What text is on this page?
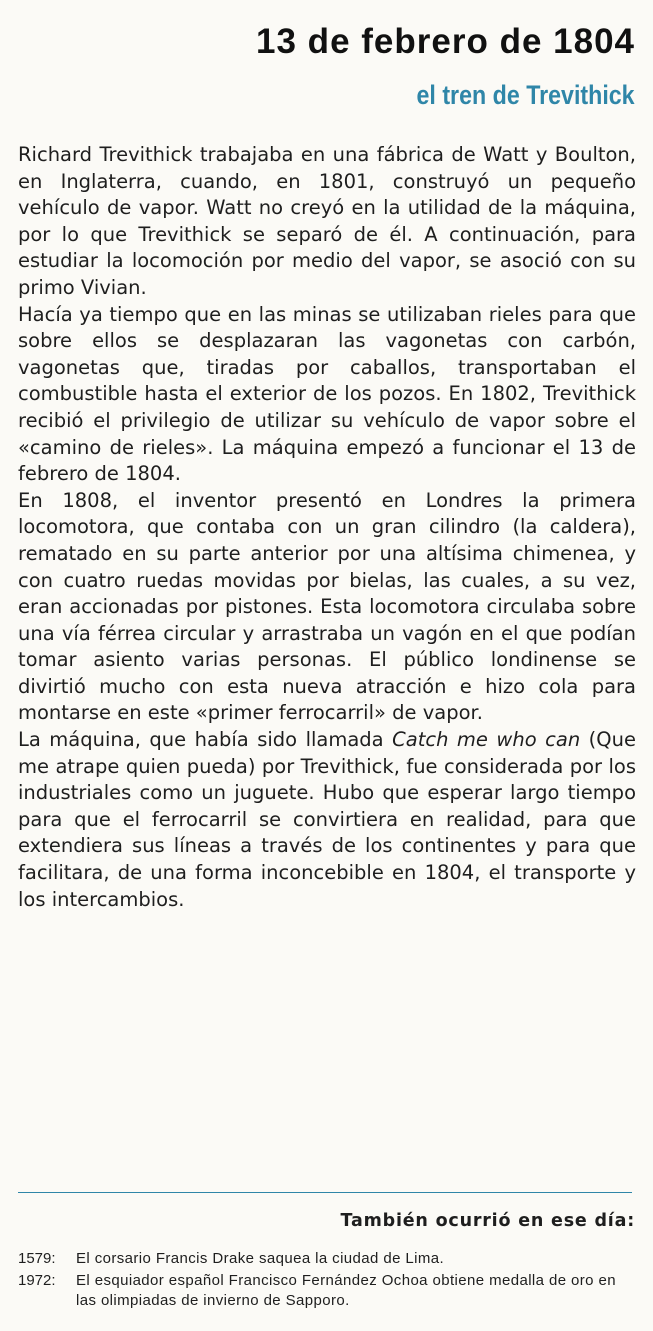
13 de febrero de 1804
el tren de Trevithick

Richard Trevithick trabajaba en una fábrica de Watt y Boulton, en Inglaterra, cuando, en 1801, construyó un pequeño vehículo de vapor. Watt no creyó en la utilidad de la máquina, por lo que Trevithick se separó de él. A continuación, para estudiar la locomoción por medio del vapor, se asoció con su primo Vivian.

Hacía ya tiempo que en las minas se utilizaban rieles para que sobre ellos se desplazaran las vagonetas con carbón, vagonetas que, tiradas por caballos, transportaban el combustible hasta el exterior de los pozos. En 1802, Trevithick recibió el privilegio de utilizar su vehículo de vapor sobre el «camino de rieles». La máquina empezó a funcionar el 13 de febrero de 1804.

En 1808, el inventor presentó en Londres la primera locomotora, que contaba con un gran cilindro (la caldera), rematado en su parte anterior por una altísima chimenea, y con cuatro ruedas movidas por bielas, las cuales, a su vez, eran accionadas por pistones. Esta locomotora circulaba sobre una vía férrea circular y arrastraba un vagón en el que podían tomar asiento varias personas. El público londinense se divirtió mucho con esta nueva atracción e hizo cola para montarse en este «primer ferrocarril» de vapor.

La máquina, que había sido llamada Catch me who can (Que me atrape quien pueda) por Trevithick, fue considerada por los industriales como un juguete. Hubo que esperar largo tiempo para que el ferrocarril se convirtiera en realidad, para que extendiera sus líneas a través de los continentes y para que facilitara, de una forma inconcebible en 1804, el transporte y los intercambios.

También ocurrió en ese día:
1579:	El corsario Francis Drake saquea la ciudad de Lima.
1972:	El esquiador español Francisco Fernández Ochoa obtiene medalla de oro en las olimpiadas de invierno de Sapporo.
